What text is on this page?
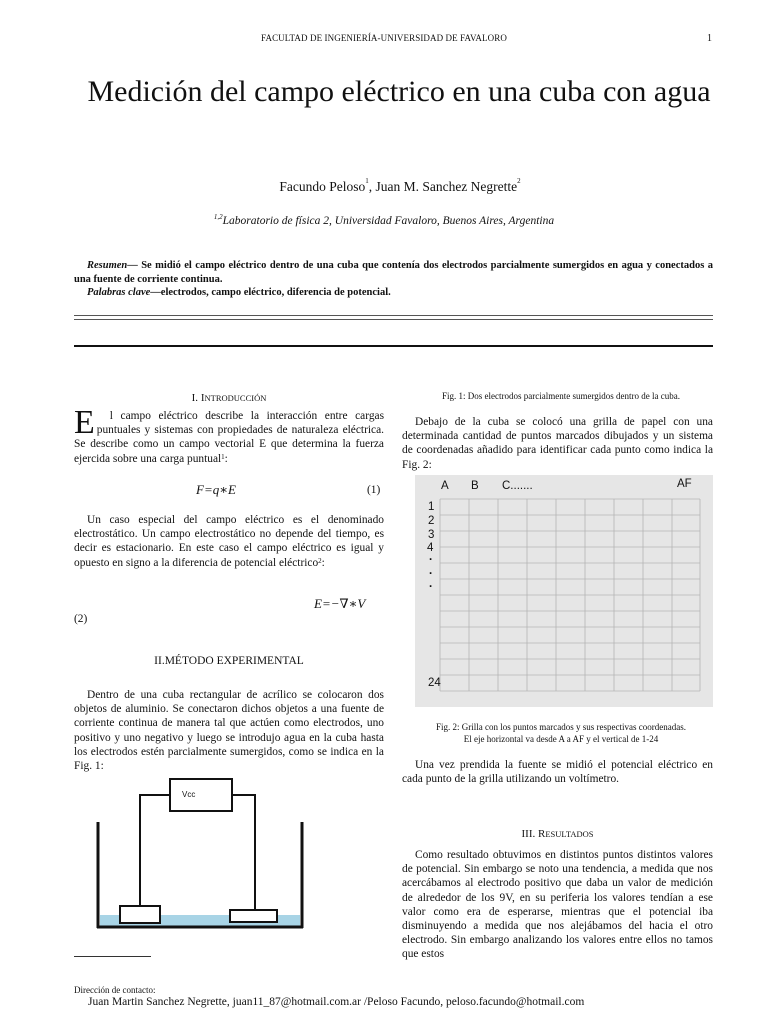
FACULTAD DE INGENIERÍA-UNIVERSIDAD DE FAVALORO	1
Medición del campo eléctrico en una cuba con agua
Facundo Peloso$^1$, Juan M. Sanchez Negrette$^2$
$^{1,2}$Laboratorio de física 2, Universidad Favaloro, Buenos Aires, Argentina

Resumen— Se midió el campo eléctrico dentro de una cuba que contenía dos electrodos parcialmente sumergidos en agua y conectados a una fuente de corriente continua.

Palabras clave—electrodos, campo eléctrico, diferencia de potencial.

I. INTRODUCCIÓN

E l campo eléctrico describe la interacción entre cargas puntuales y sistemas con propiedades de naturaleza eléctrica. Se describe como un campo vectorial E que determina la fuerza ejercida sobre una carga puntual$^1$:

F=q∗E	(1)

Un caso especial del campo eléctrico es el denominado electrostático. Un campo electrostático no depende del tiempo, es decir es estacionario. En este caso el campo eléctrico es igual y opuesto en signo a la diferencia de potencial eléctrico$^2$:

E=−∇∗V
(2)
II.MÉTODO EXPERIMENTAL

Dentro de una cuba rectangular de acrílico se colocaron dos objetos de aluminio. Se conectaron dichos objetos a una fuente de corriente continua de manera tal que actúen como electrodos, uno positivo y uno negativo y luego se introdujo agua en la cuba hasta los electrodos estén parcialmente sumergidos, como se indica en la Fig. 1:

Vcc
Fig. 1: Dos electrodos parcialmente sumergidos dentro de la cuba.

Debajo de la cuba se colocó una grilla de papel con una determinada cantidad de puntos marcados dibujados y un sistema de coordenadas añadido para identificar cada punto como indica la Fig. 2:

A B C.......	AF
1
2
3
4
.
.
.
24
Fig. 2: Grilla con los puntos marcados y sus respectivas coordenadas.
El eje horizontal va desde A a AF y el vertical de 1-24

Una vez prendida la fuente se midió el potencial eléctrico en cada punto de la grilla utilizando un voltímetro.

III. RESULTADOS

Como resultado obtuvimos en distintos puntos distintos valores de potencial. Sin embargo se noto una tendencia, a medida que nos acercábamos al electrodo positivo que daba un valor de medición de alrededor de los 9V, en su periferia los valores tendían a ese valor como era de esperarse, mientras que el potencial iba disminuyendo a medida que nos alejábamos del hacia el otro electrodo. Sin embargo analizando los valores entre ellos no tamos que estos

Dirección de contacto:
Juan Martin Sanchez Negrette, juan11_87@hotmail.com.ar /Peloso Facundo, peloso.facundo@hotmail.com
